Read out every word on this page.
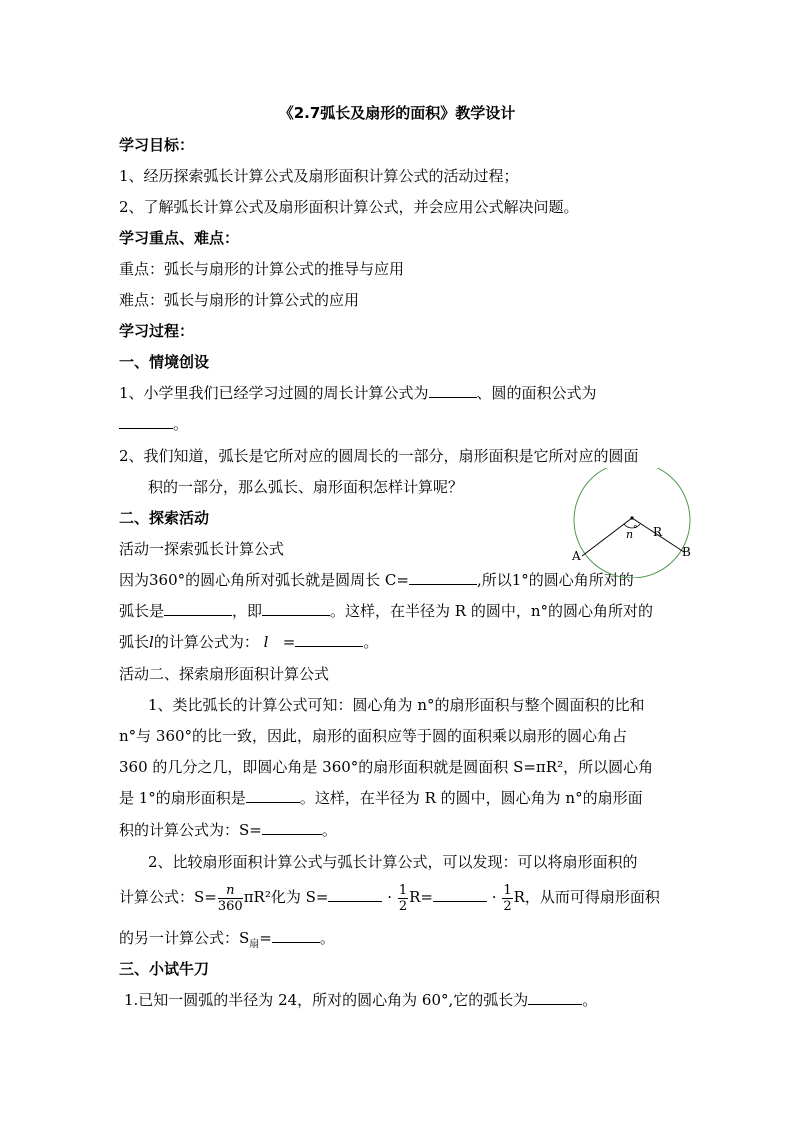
《2.7弧长及扇形的面积》教学设计
学习目标：
1、经历探索弧长计算公式及扇形面积计算公式的活动过程；
2、了解弧长计算公式及扇形面积计算公式，并会应用公式解决问题。
学习重点、难点：
重点：弧长与扇形的计算公式的推导与应用
难点：弧长与扇形的计算公式的应用
学习过程：
一、情境创设
1、小学里我们已经学习过圆的周长计算公式为	、圆的面积公式为
。
2、我们知道，弧长是它所对应的圆周长的一部分，扇形面积是它所对应的圆面
积的一部分，那么弧长、扇形面积怎样计算呢？
二、探索活动
活动一探索弧长计算公式
因为360°的圆心角所对弧长就是圆周长 C=	,所以1°的圆心角所对的
弧长是	，即	。这样，在半径为 R 的圆中，n°的圆心角所对的
弧长l的计算公式为： l =	。
活动二、探索扇形面积计算公式
1、类比弧长的计算公式可知：圆心角为 n°的扇形面积与整个圆面积的比和
n°与 360°的比一致，因此，扇形的面积应等于圆的面积乘以扇形的圆心角占
360 的几分之几，即圆心角是 360°的扇形面积就是圆面积 S=πR²，所以圆心角
是 1°的扇形面积是	。这样，在半径为 R 的圆中，圆心角为 n°的扇形面
积的计算公式为：S=	。
2、比较扇形面积计算公式与弧长计算公式，可以发现：可以将扇形面积的
计算公式：$S= \frac{n}{360} \pi R^2$化为 S=	· $\frac{1}{2} R=$	· $\frac{1}{2}$ R，从而可得扇形面积
的另一计算公式：$S_扇=$	。
三、小试牛刀
1.已知一圆弧的半径为 24，所对的圆心角为 60°,它的弧长为	。
A	B
R
n °
